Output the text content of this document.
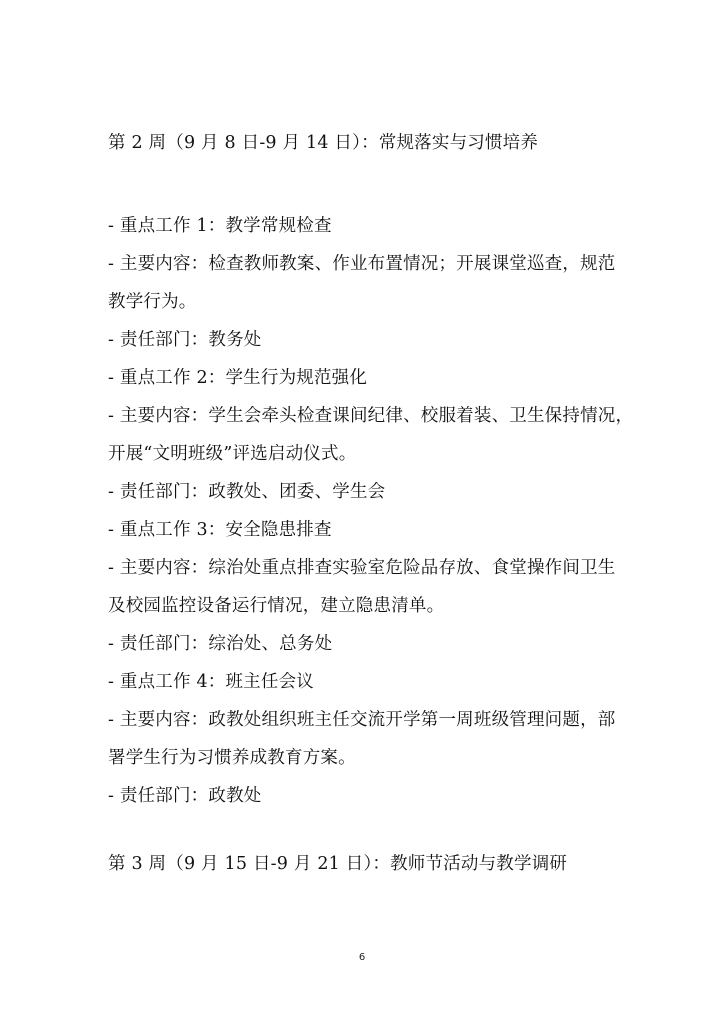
第 2 周（9 月 8 日-9 月 14 日）：常规落实与习惯培养
- 重点工作 1：教学常规检查
- 主要内容：检查教师教案、作业布置情况；开展课堂巡查，规范
教学行为。
- 责任部门：教务处
- 重点工作 2：学生行为规范强化
- 主要内容：学生会牵头检查课间纪律、校服着装、卫生保持情况，
开展“文明班级”评选启动仪式。
- 责任部门：政教处、团委、学生会
- 重点工作 3：安全隐患排查
- 主要内容：综治处重点排查实验室危险品存放、食堂操作间卫生
及校园监控设备运行情况，建立隐患清单。
- 责任部门：综治处、总务处
- 重点工作 4：班主任会议
- 主要内容：政教处组织班主任交流开学第一周班级管理问题，部
署学生行为习惯养成教育方案。
- 责任部门：政教处
第 3 周（9 月 15 日-9 月 21 日）：教师节活动与教学调研
6
